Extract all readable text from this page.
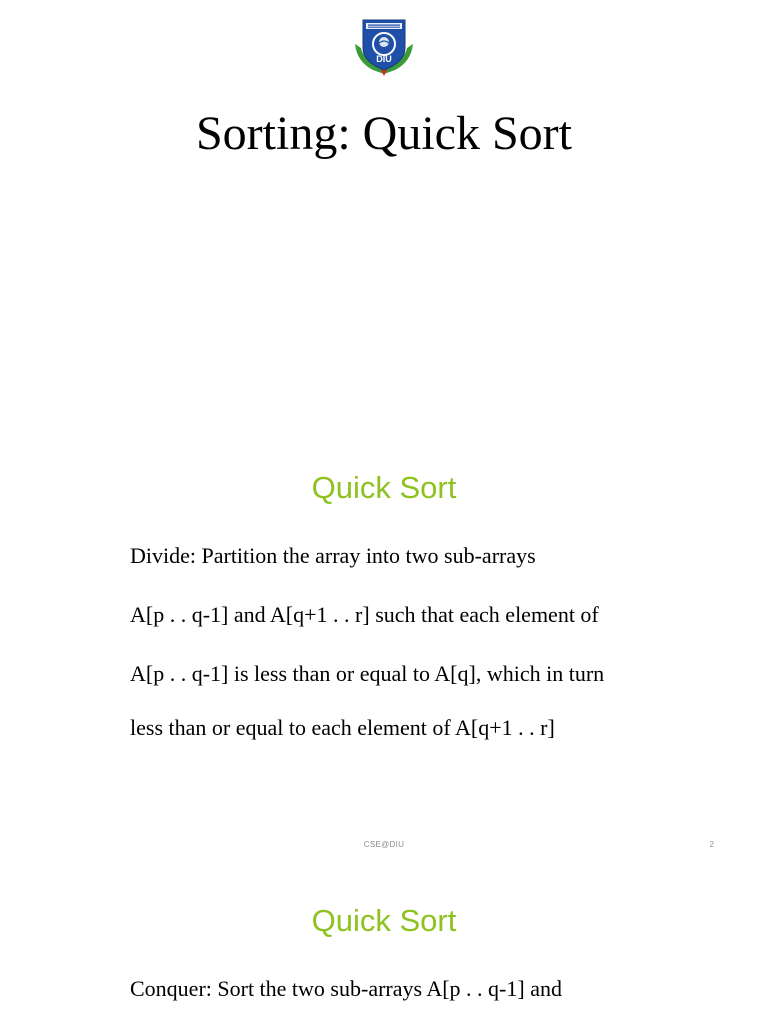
DIU
Sorting: Quick Sort
Quick Sort

Divide: Partition the array into two sub-arrays

A[p . . q-1] and A[q+1 . . r] such that each element of

A[p . . q-1] is less than or equal to A[q], which in turn

less than or equal to each element of A[q+1 . . r]

CSE@DIU	2
Quick Sort

Conquer: Sort the two sub-arrays A[p . . q-1] and
